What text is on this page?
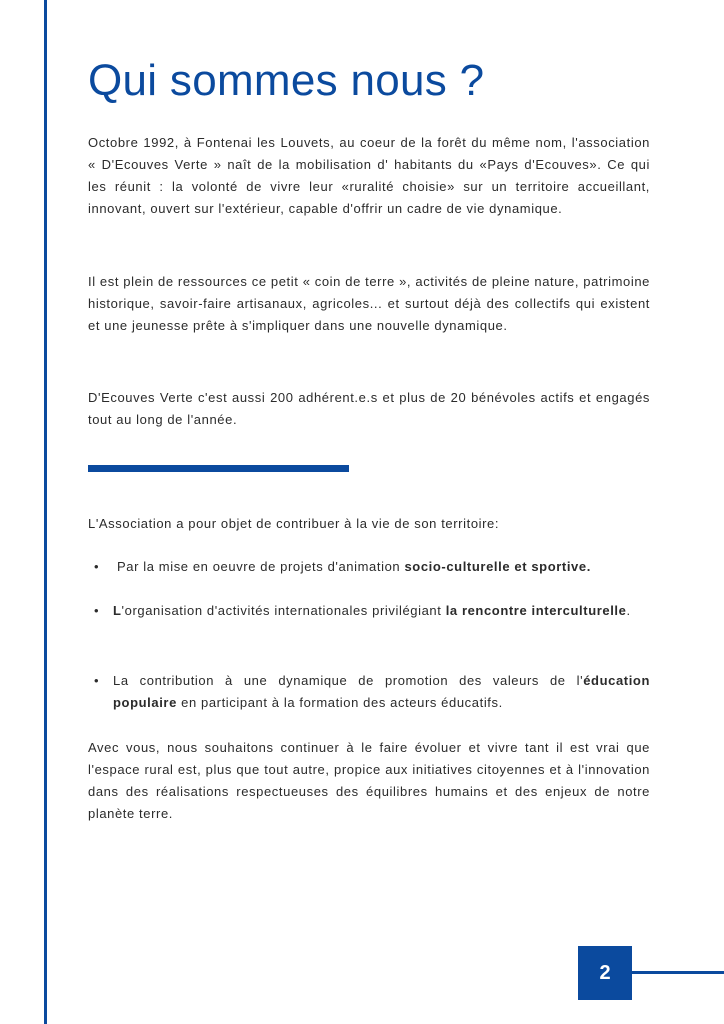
Qui sommes nous ?

Octobre 1992, à Fontenai les Louvets, au coeur de la forêt du même nom, l'association « D'Ecouves Verte » naît de la mobilisation d' habitants du «Pays d'Ecouves». Ce qui les réunit : la volonté de vivre leur «ruralité choisie» sur un territoire accueillant, innovant, ouvert sur l'extérieur, capable d'offrir un cadre de vie dynamique.

Il est plein de ressources ce petit « coin de terre », activités de pleine nature, patrimoine historique, savoir-faire artisanaux, agricoles... et surtout déjà des collectifs qui existent et une jeunesse prête à s'impliquer dans une nouvelle dynamique.

D'Ecouves Verte c'est aussi 200 adhérent.e.s et plus de 20 bénévoles actifs et engagés tout au long de l'année.

L'Association a pour objet de contribuer à la vie de son territoire:

• Par la mise en oeuvre de projets d'animation socio-culturelle et sportive.
• L'organisation d'activités internationales privilégiant la rencontre interculturelle.
• La contribution à une dynamique de promotion des valeurs de l'éducation populaire en participant à la formation des acteurs éducatifs.

Avec vous, nous souhaitons continuer à le faire évoluer et vivre tant il est vrai que l'espace rural est, plus que tout autre, propice aux initiatives citoyennes et à l'innovation dans des réalisations respectueuses des équilibres humains et des enjeux de notre planète terre.

2
